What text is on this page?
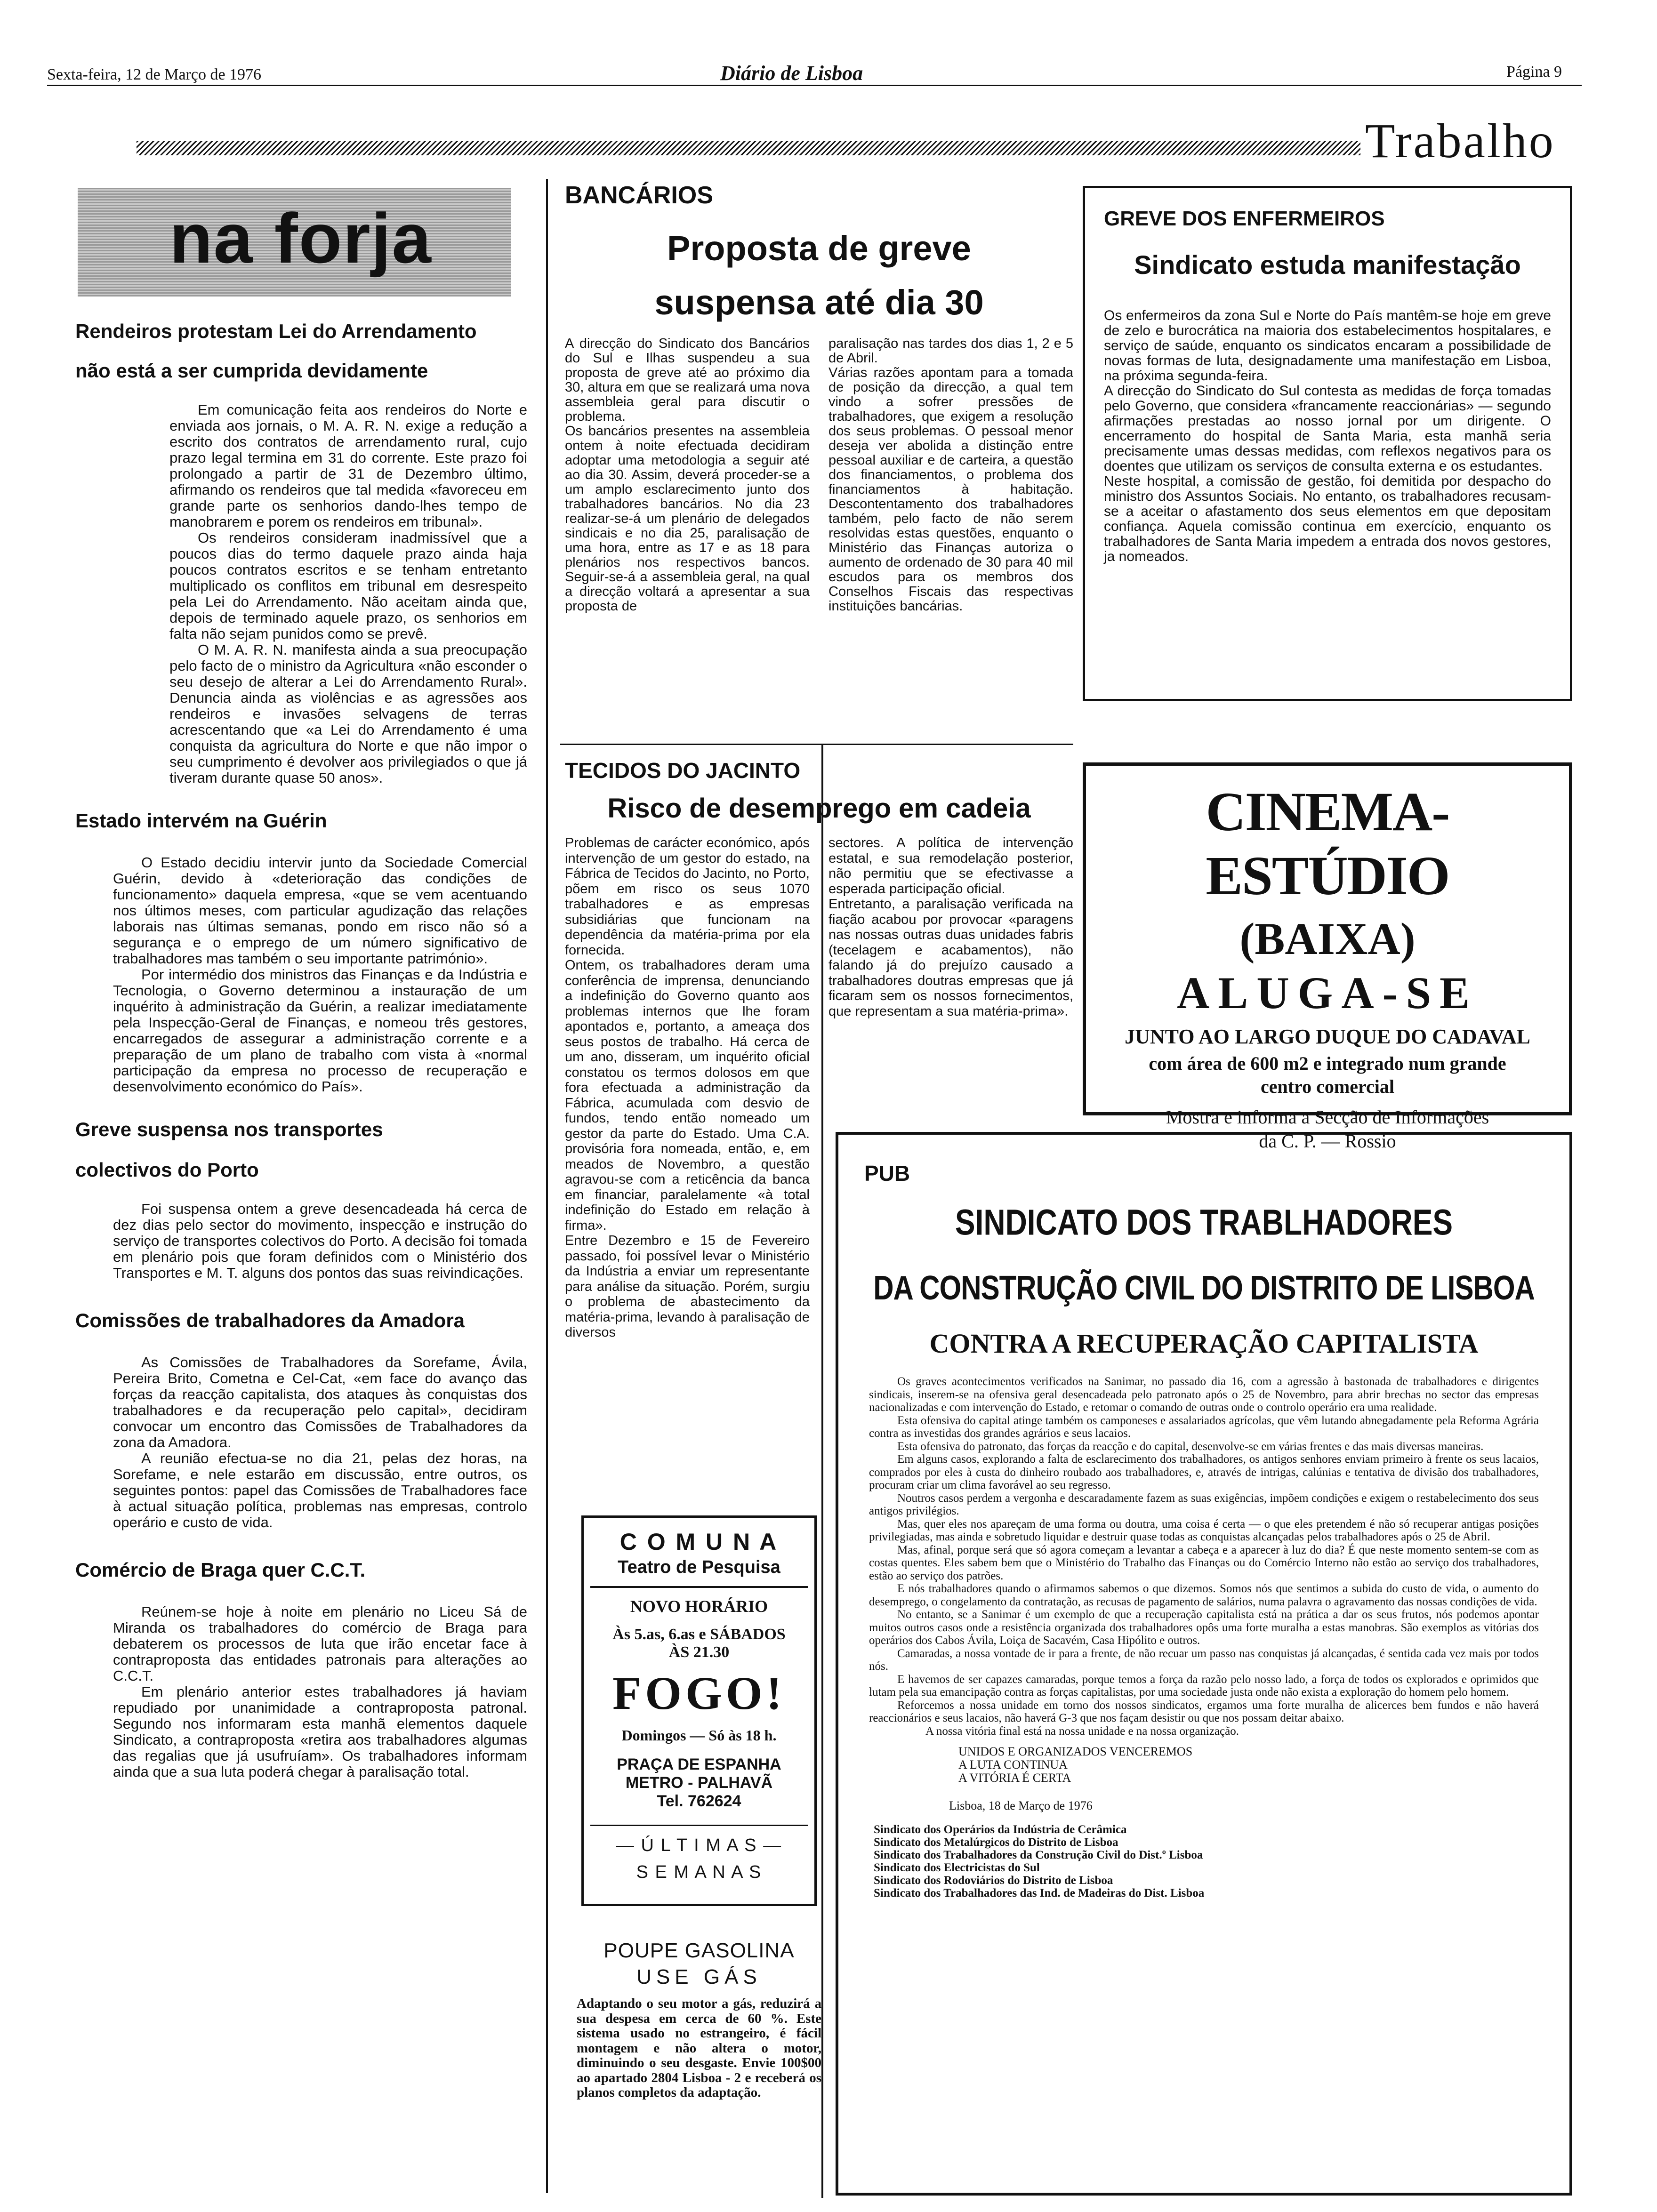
Sexta-feira, 12 de Março de 1976	Diário de Lisboa	Página 9
Trabalho
na forja
Rendeiros protestam Lei do Arrendamento
não está a ser cumprida devidamente

Em comunicação feita aos rendeiros do Norte e enviada aos jornais, o M. A. R. N. exige a redução a escrito dos contratos de arrendamento rural, cujo prazo legal termina em 31 do corrente. Este prazo foi prolongado a partir de 31 de Dezembro último, afirmando os rendeiros que tal medida «favoreceu em grande parte os senhorios dando-lhes tempo de manobrarem e porem os rendeiros em tribunal».

Os rendeiros consideram inadmissível que a poucos dias do termo daquele prazo ainda haja poucos contratos escritos e se tenham entretanto multiplicado os conflitos em tribunal em desrespeito pela Lei do Arrendamento. Não aceitam ainda que, depois de terminado aquele prazo, os senhorios em falta não sejam punidos como se prevê.

O M. A. R. N. manifesta ainda a sua preocupação pelo facto de o ministro da Agricultura «não esconder o seu desejo de alterar a Lei do Arrendamento Rural». Denuncia ainda as violências e as agressões aos rendeiros e invasões selvagens de terras acrescentando que «a Lei do Arrendamento é uma conquista da agricultura do Norte e que não impor o seu cumprimento é devolver aos privilegiados o que já tiveram durante quase 50 anos».

Estado intervém na Guérin

O Estado decidiu intervir junto da Sociedade Comercial Guérin, devido à «deterioração das condições de funcionamento» daquela empresa, «que se vem acentuando nos últimos meses, com particular agudização das relações laborais nas últimas semanas, pondo em risco não só a segurança e o emprego de um número significativo de trabalhadores mas também o seu importante património».

Por intermédio dos ministros das Finanças e da Indústria e Tecnologia, o Governo determinou a instauração de um inquérito à administração da Guérin, a realizar imediatamente pela Inspecção-Geral de Finanças, e nomeou três gestores, encarregados de assegurar a administração corrente e a preparação de um plano de trabalho com vista à «normal participação da empresa no processo de recuperação e desenvolvimento económico do País».

Greve suspensa nos transportes
colectivos do Porto

Foi suspensa ontem a greve desencadeada há cerca de dez dias pelo sector do movimento, inspecção e instrução do serviço de transportes colectivos do Porto. A decisão foi tomada em plenário pois que foram definidos com o Ministério dos Transportes e M. T. alguns dos pontos das suas reivindicações.

Comissões de trabalhadores da Amadora

As Comissões de Trabalhadores da Sorefame, Ávila, Pereira Brito, Cometna e Cel-Cat, «em face do avanço das forças da reacção capitalista, dos ataques às conquistas dos trabalhadores e da recuperação pelo capital», decidiram convocar um encontro das Comissões de Trabalhadores da zona da Amadora.

A reunião efectua-se no dia 21, pelas dez horas, na Sorefame, e nele estarão em discussão, entre outros, os seguintes pontos: papel das Comissões de Trabalhadores face à actual situação política, problemas nas empresas, controlo operário e custo de vida.

Comércio de Braga quer C.C.T.

Reúnem-se hoje à noite em plenário no Liceu Sá de Miranda os trabalhadores do comércio de Braga para debaterem os processos de luta que irão encetar face à contraproposta das entidades patronais para alterações ao C.C.T.

Em plenário anterior estes trabalhadores já haviam repudiado por unanimidade a contraproposta patronal. Segundo nos informaram esta manhã elementos daquele Sindicato, a contraproposta «retira aos trabalhadores algumas das regalias que já usufruíam». Os trabalhadores informam ainda que a sua luta poderá chegar à paralisação total.

BANCÁRIOS
Proposta de greve
suspensa até dia 30
A direcção do Sindicato dos Bancários do Sul e Ilhas suspendeu a sua proposta de greve até ao próximo dia 30, altura em que se realizará uma nova assembleia geral para discutir o problema.
Os bancários presentes na assembleia ontem à noite efectuada decidiram adoptar uma metodologia a seguir até ao dia 30. Assim, deverá proceder-se a um amplo esclarecimento junto dos trabalhadores bancários. No dia 23 realizar-se-á um plenário de delegados sindicais e no dia 25, paralisação de uma hora, entre as 17 e as 18 para plenários nos respectivos bancos. Seguir-se-á a assembleia geral, na qual a direcção voltará a apresentar a sua proposta de
paralisação nas tardes dos dias 1, 2 e 5 de Abril.
Várias razões apontam para a tomada de posição da direcção, a qual tem vindo a sofrer pressões de trabalhadores, que exigem a resolução dos seus problemas. O pessoal menor deseja ver abolida a distinção entre pessoal auxiliar e de carteira, a questão dos financiamentos, o problema dos financiamentos à habitação. Descontentamento dos trabalhadores também, pelo facto de não serem resolvidas estas questões, enquanto o Ministério das Finanças autoriza o aumento de ordenado de 30 para 40 mil escudos para os membros dos Conselhos Fiscais das respectivas instituições bancárias.
GREVE DOS ENFERMEIROS
Sindicato estuda manifestação
Os enfermeiros da zona Sul e Norte do País mantêm-se hoje em greve de zelo e burocrática na maioria dos estabelecimentos hospitalares, e serviço de saúde, enquanto os sindicatos encaram a possibilidade de novas formas de luta, designadamente uma manifestação em Lisboa, na próxima segunda-feira.
A direcção do Sindicato do Sul contesta as medidas de força tomadas pelo Governo, que considera «francamente reaccionárias» — segundo afirmações prestadas ao nosso jornal por um dirigente. O encerramento do hospital de Santa Maria, esta manhã seria precisamente umas dessas medidas, com reflexos negativos para os doentes que utilizam os serviços de consulta externa e os estudantes.
Neste hospital, a comissão de gestão, foi demitida por despacho do ministro dos Assuntos Sociais. No entanto, os trabalhadores recusam-se a aceitar o afastamento dos seus elementos em que depositam confiança. Aquela comissão continua em exercício, enquanto os trabalhadores de Santa Maria impedem a entrada dos novos gestores, ja nomeados.
TECIDOS DO JACINTO
Risco de desemprego em cadeia
Problemas de carácter económico, após intervenção de um gestor do estado, na Fábrica de Tecidos do Jacinto, no Porto, põem em risco os seus 1070 trabalhadores e as empresas subsidiárias que funcionam na dependência da matéria-prima por ela fornecida.
Ontem, os trabalhadores deram uma conferência de imprensa, denunciando a indefinição do Governo quanto aos problemas internos que lhe foram apontados e, portanto, a ameaça dos seus postos de trabalho. Há cerca de um ano, disseram, um inquérito oficial constatou os termos dolosos em que fora efectuada a administração da Fábrica, acumulada com desvio de fundos, tendo então nomeado um gestor da parte do Estado. Uma C.A. provisória fora nomeada, então, e, em meados de Novembro, a questão agravou-se com a reticência da banca em financiar, paralelamente «à total indefinição do Estado em relação à firma».
Entre Dezembro e 15 de Fevereiro passado, foi possível levar o Ministério da Indústria a enviar um representante para análise da situação. Porém, surgiu o problema de abastecimento da matéria-prima, levando à paralisação de diversos
sectores. A política de intervenção estatal, e sua remodelação posterior, não permitiu que se efectivasse a esperada participação oficial.
Entretanto, a paralisação verificada na fiação acabou por provocar «paragens nas nossas outras duas unidades fabris (tecelagem e acabamentos), não falando já do prejuízo causado a trabalhadores doutras empresas que já ficaram sem os nossos fornecimentos, que representam a sua matéria-prima».
CINEMA-ESTÚDIO
(BAIXA)
ALUGA-SE
JUNTO AO LARGO DUQUE DO CADAVAL
com área de 600 m2 e integrado num grande
centro comercial
Mostra e informa a Secção de Informações
da C. P. — Rossio
C O M U N A
Teatro de Pesquisa
NOVO HORÁRIO
Às 5.as, 6.as e SÁBADOS
ÀS 21.30
FOGO!
Domingos — Só às 18 h.
PRAÇA DE ESPANHA
METRO - PALHAVÃ
Tel. 762624
— Ú L T I M A S —
S E M A N A S
POUPE GASOLINA
USE GÁS
Adaptando o seu motor a gás, reduzirá a sua despesa em cerca de 60 %. Este sistema usado no estrangeiro, é fácil montagem e não altera o motor, diminuindo o seu desgaste. Envie 100$00 ao apartado 2804 Lisboa - 2 e receberá os planos completos da adaptação.
PUB
SINDICATO DOS TRABLHADORES
DA CONSTRUÇÃO CIVIL DO DISTRITO DE LISBOA
CONTRA A RECUPERAÇÃO CAPITALISTA

Os graves acontecimentos verificados na Sanimar, no passado dia 16, com a agressão à bastonada de trabalhadores e dirigentes sindicais, inserem-se na ofensiva geral desencadeada pelo patronato após o 25 de Novembro, para abrir brechas no sector das empresas nacionalizadas e com intervenção do Estado, e retomar o comando de outras onde o controlo operário era uma realidade.

Esta ofensiva do capital atinge também os camponeses e assalariados agrícolas, que vêm lutando abnegadamente pela Reforma Agrária contra as investidas dos grandes agrários e seus lacaios.

Esta ofensiva do patronato, das forças da reacção e do capital, desenvolve-se em várias frentes e das mais diversas maneiras.

Em alguns casos, explorando a falta de esclarecimento dos trabalhadores, os antigos senhores enviam primeiro à frente os seus lacaios, comprados por eles à custa do dinheiro roubado aos trabalhadores, e, através de intrigas, calúnias e tentativa de divisão dos trabalhadores, procuram criar um clima favorável ao seu regresso.

Noutros casos perdem a vergonha e descaradamente fazem as suas exigências, impõem condições e exigem o restabelecimento dos seus antigos privilégios.

Mas, quer eles nos apareçam de uma forma ou doutra, uma coisa é certa — o que eles pretendem é não só recuperar antigas posições privilegiadas, mas ainda e sobretudo liquidar e destruir quase todas as conquistas alcançadas pelos trabalhadores após o 25 de Abril.

Mas, afinal, porque será que só agora começam a levantar a cabeça e a aparecer à luz do dia? É que neste momento sentem-se com as costas quentes. Eles sabem bem que o Ministério do Trabalho das Finanças ou do Comércio Interno não estão ao serviço dos trabalhadores, estão ao serviço dos patrões.

E nós trabalhadores quando o afirmamos sabemos o que dizemos. Somos nós que sentimos a subida do custo de vida, o aumento do desemprego, o congelamento da contratação, as recusas de pagamento de salários, numa palavra o agravamento das nossas condições de vida.

No entanto, se a Sanimar é um exemplo de que a recuperação capitalista está na prática a dar os seus frutos, nós podemos apontar muitos outros casos onde a resistência organizada dos trabalhadores opôs uma forte muralha a estas manobras. São exemplos as vitórias dos operários dos Cabos Ávila, Loiça de Sacavém, Casa Hipólito e outros.

Camaradas, a nossa vontade de ir para a frente, de não recuar um passo nas conquistas já alcançadas, é sentida cada vez mais por todos nós.

E havemos de ser capazes camaradas, porque temos a força da razão pelo nosso lado, a força de todos os explorados e oprimidos que lutam pela sua emancipação contra as forças capitalistas, por uma sociedade justa onde não exista a exploração do homem pelo homem.

Reforcemos a nossa unidade em torno dos nossos sindicatos, ergamos uma forte muralha de alicerces bem fundos e não haverá reaccionários e seus lacaios, não haverá G-3 que nos façam desistir ou que nos possam deitar abaixo.

A nossa vitória final está na nossa unidade e na nossa organização.

UNIDOS E ORGANIZADOS VENCEREMOS
A LUTA CONTINUA
A VITÓRIA É CERTA
Lisboa, 18 de Março de 1976
Sindicato dos Operários da Indústria de Cerâmica
Sindicato dos Metalúrgicos do Distrito de Lisboa
Sindicato dos Trabalhadores da Construção Civil do Dist.º Lisboa
Sindicato dos Electricistas do Sul
Sindicato dos Rodoviários do Distrito de Lisboa
Sindicato dos Trabalhadores das Ind. de Madeiras do Dist. Lisboa
